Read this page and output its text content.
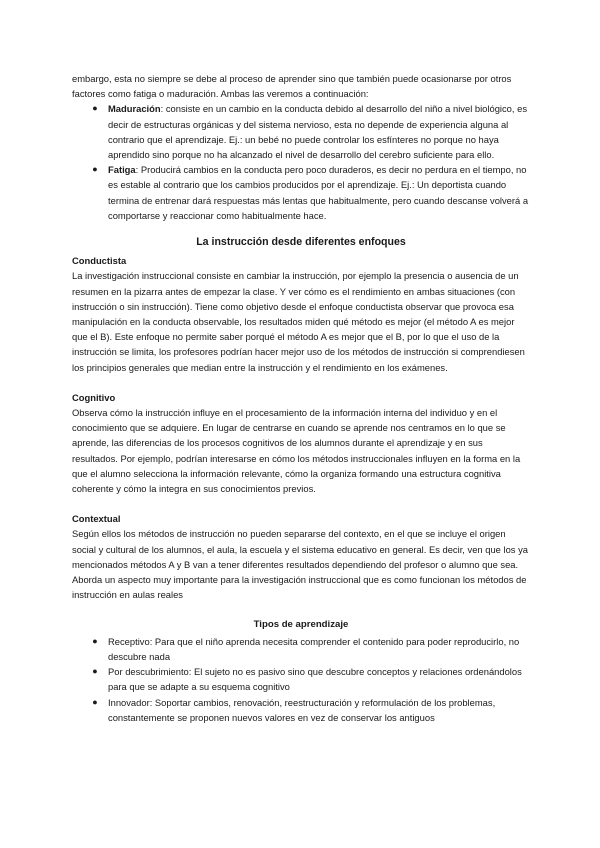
embargo, esta no siempre se debe al proceso de aprender sino que también puede ocasionarse por otros factores como fatiga o maduración. Ambas las veremos a continuación:

● Maduración: consiste en un cambio en la conducta debido al desarrollo del niño a nivel biológico, es decir de estructuras orgánicas y del sistema nervioso, esta no depende de experiencia alguna al contrario que el aprendizaje. Ej.: un bebé no puede controlar los esfínteres no porque no haya aprendido sino porque no ha alcanzado el nivel de desarrollo del cerebro suficiente para ello.
● Fatiga: Producirá cambios en la conducta pero poco duraderos, es decir no perdura en el tiempo, no es estable al contrario que los cambios producidos por el aprendizaje. Ej.: Un deportista cuando termina de entrenar dará respuestas más lentas que habitualmente, pero cuando descanse volverá a comportarse y reaccionar como habitualmente hace.

La instrucción desde diferentes enfoques

Conductista

La investigación instruccional consiste en cambiar la instrucción, por ejemplo la presencia o ausencia de un resumen en la pizarra antes de empezar la clase. Y ver cómo es el rendimiento en ambas situaciones (con instrucción o sin instrucción). Tiene como objetivo desde el enfoque conductista observar que provoca esa manipulación en la conducta observable, los resultados miden qué método es mejor (el método A es mejor que el B). Este enfoque no permite saber porqué el método A es mejor que el B, por lo que el uso de la instrucción se limita, los profesores podrían hacer mejor uso de los métodos de instrucción si comprendiesen los principios generales que median entre la instrucción y el rendimiento en los exámenes.

Cognitivo

Observa cómo la instrucción influye en el procesamiento de la información interna del individuo y en el conocimiento que se adquiere. En lugar de centrarse en cuando se aprende nos centramos en lo que se aprende, las diferencias de los procesos cognitivos de los alumnos durante el aprendizaje y en sus resultados. Por ejemplo, podrían interesarse en cómo los métodos instruccionales influyen en la forma en la que el alumno selecciona la información relevante, cómo la organiza formando una estructura cognitiva coherente y cómo la integra en sus conocimientos previos.

Contextual

Según ellos los métodos de instrucción no pueden separarse del contexto, en el que se incluye el origen social y cultural de los alumnos, el aula, la escuela y el sistema educativo en general. Es decir, ven que los ya mencionados métodos A y B van a tener diferentes resultados dependiendo del profesor o alumno que sea. Aborda un aspecto muy importante para la investigación instruccional que es como funcionan los métodos de instrucción en aulas reales

Tipos de aprendizaje

● Receptivo: Para que el niño aprenda necesita comprender el contenido para poder reproducirlo, no descubre nada
● Por descubrimiento: El sujeto no es pasivo sino que descubre conceptos y relaciones ordenándolos para que se adapte a su esquema cognitivo
● Innovador: Soportar cambios, renovación, reestructuración y reformulación de los problemas, constantemente se proponen nuevos valores en vez de conservar los antiguos
